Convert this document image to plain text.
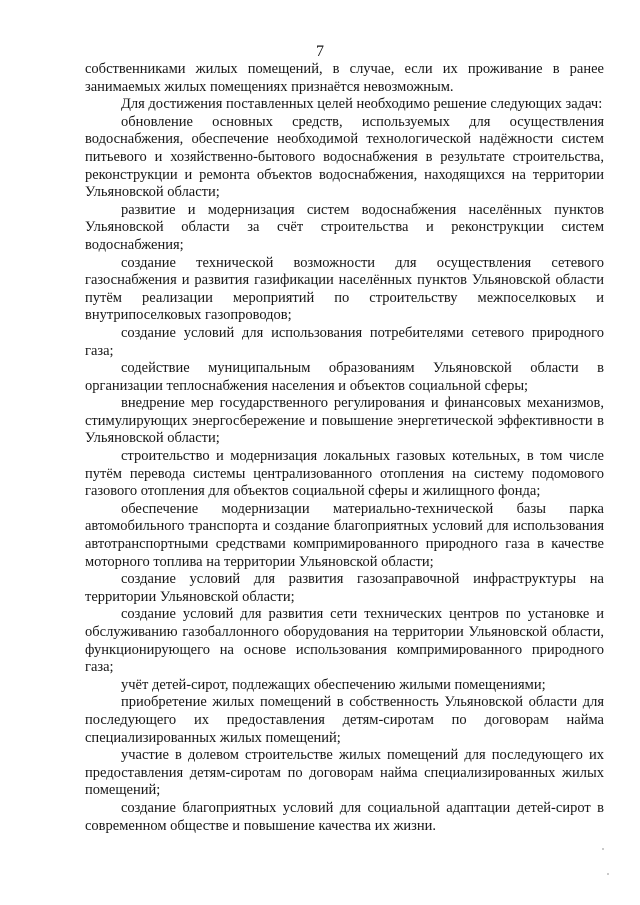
7

собственниками жилых помещений, в случае, если их проживание в ранее занимаемых жилых помещениях признаётся невозможным.

Для достижения поставленных целей необходимо решение следующих задач:

обновление основных средств, используемых для осуществления водоснабжения, обеспечение необходимой технологической надёжности систем питьевого и хозяйственно-бытового водоснабжения в результате строительства, реконструкции и ремонта объектов водоснабжения, находящихся на территории Ульяновской области;

развитие и модернизация систем водоснабжения населённых пунктов Ульяновской области за счёт строительства и реконструкции систем водоснабжения;

создание технической возможности для осуществления сетевого газоснабжения и развития газификации населённых пунктов Ульяновской области путём реализации мероприятий по строительству межпоселковых и внутрипоселковых газопроводов;

создание условий для использования потребителями сетевого природного газа;

содействие муниципальным образованиям Ульяновской области в организации теплоснабжения населения и объектов социальной сферы;

внедрение мер государственного регулирования и финансовых механизмов, стимулирующих энергосбережение и повышение энергетической эффективности в Ульяновской области;

строительство и модернизация локальных газовых котельных, в том числе путём перевода системы централизованного отопления на систему подомового газового отопления для объектов социальной сферы и жилищного фонда;

обеспечение модернизации материально-технической базы парка автомобильного транспорта и создание благоприятных условий для использования автотранспортными средствами компримированного природного газа в качестве моторного топлива на территории Ульяновской области;

создание условий для развития газозаправочной инфраструктуры на территории Ульяновской области;

создание условий для развития сети технических центров по установке и обслуживанию газобаллонного оборудования на территории Ульяновской области, функционирующего на основе использования компримированного природного газа;

учёт детей-сирот, подлежащих обеспечению жилыми помещениями;

приобретение жилых помещений в собственность Ульяновской области для последующего их предоставления детям-сиротам по договорам найма специализированных жилых помещений;

участие в долевом строительстве жилых помещений для последующего их предоставления детям-сиротам по договорам найма специализированных жилых помещений;

создание благоприятных условий для социальной адаптации детей-сирот в современном обществе и повышение качества их жизни.
